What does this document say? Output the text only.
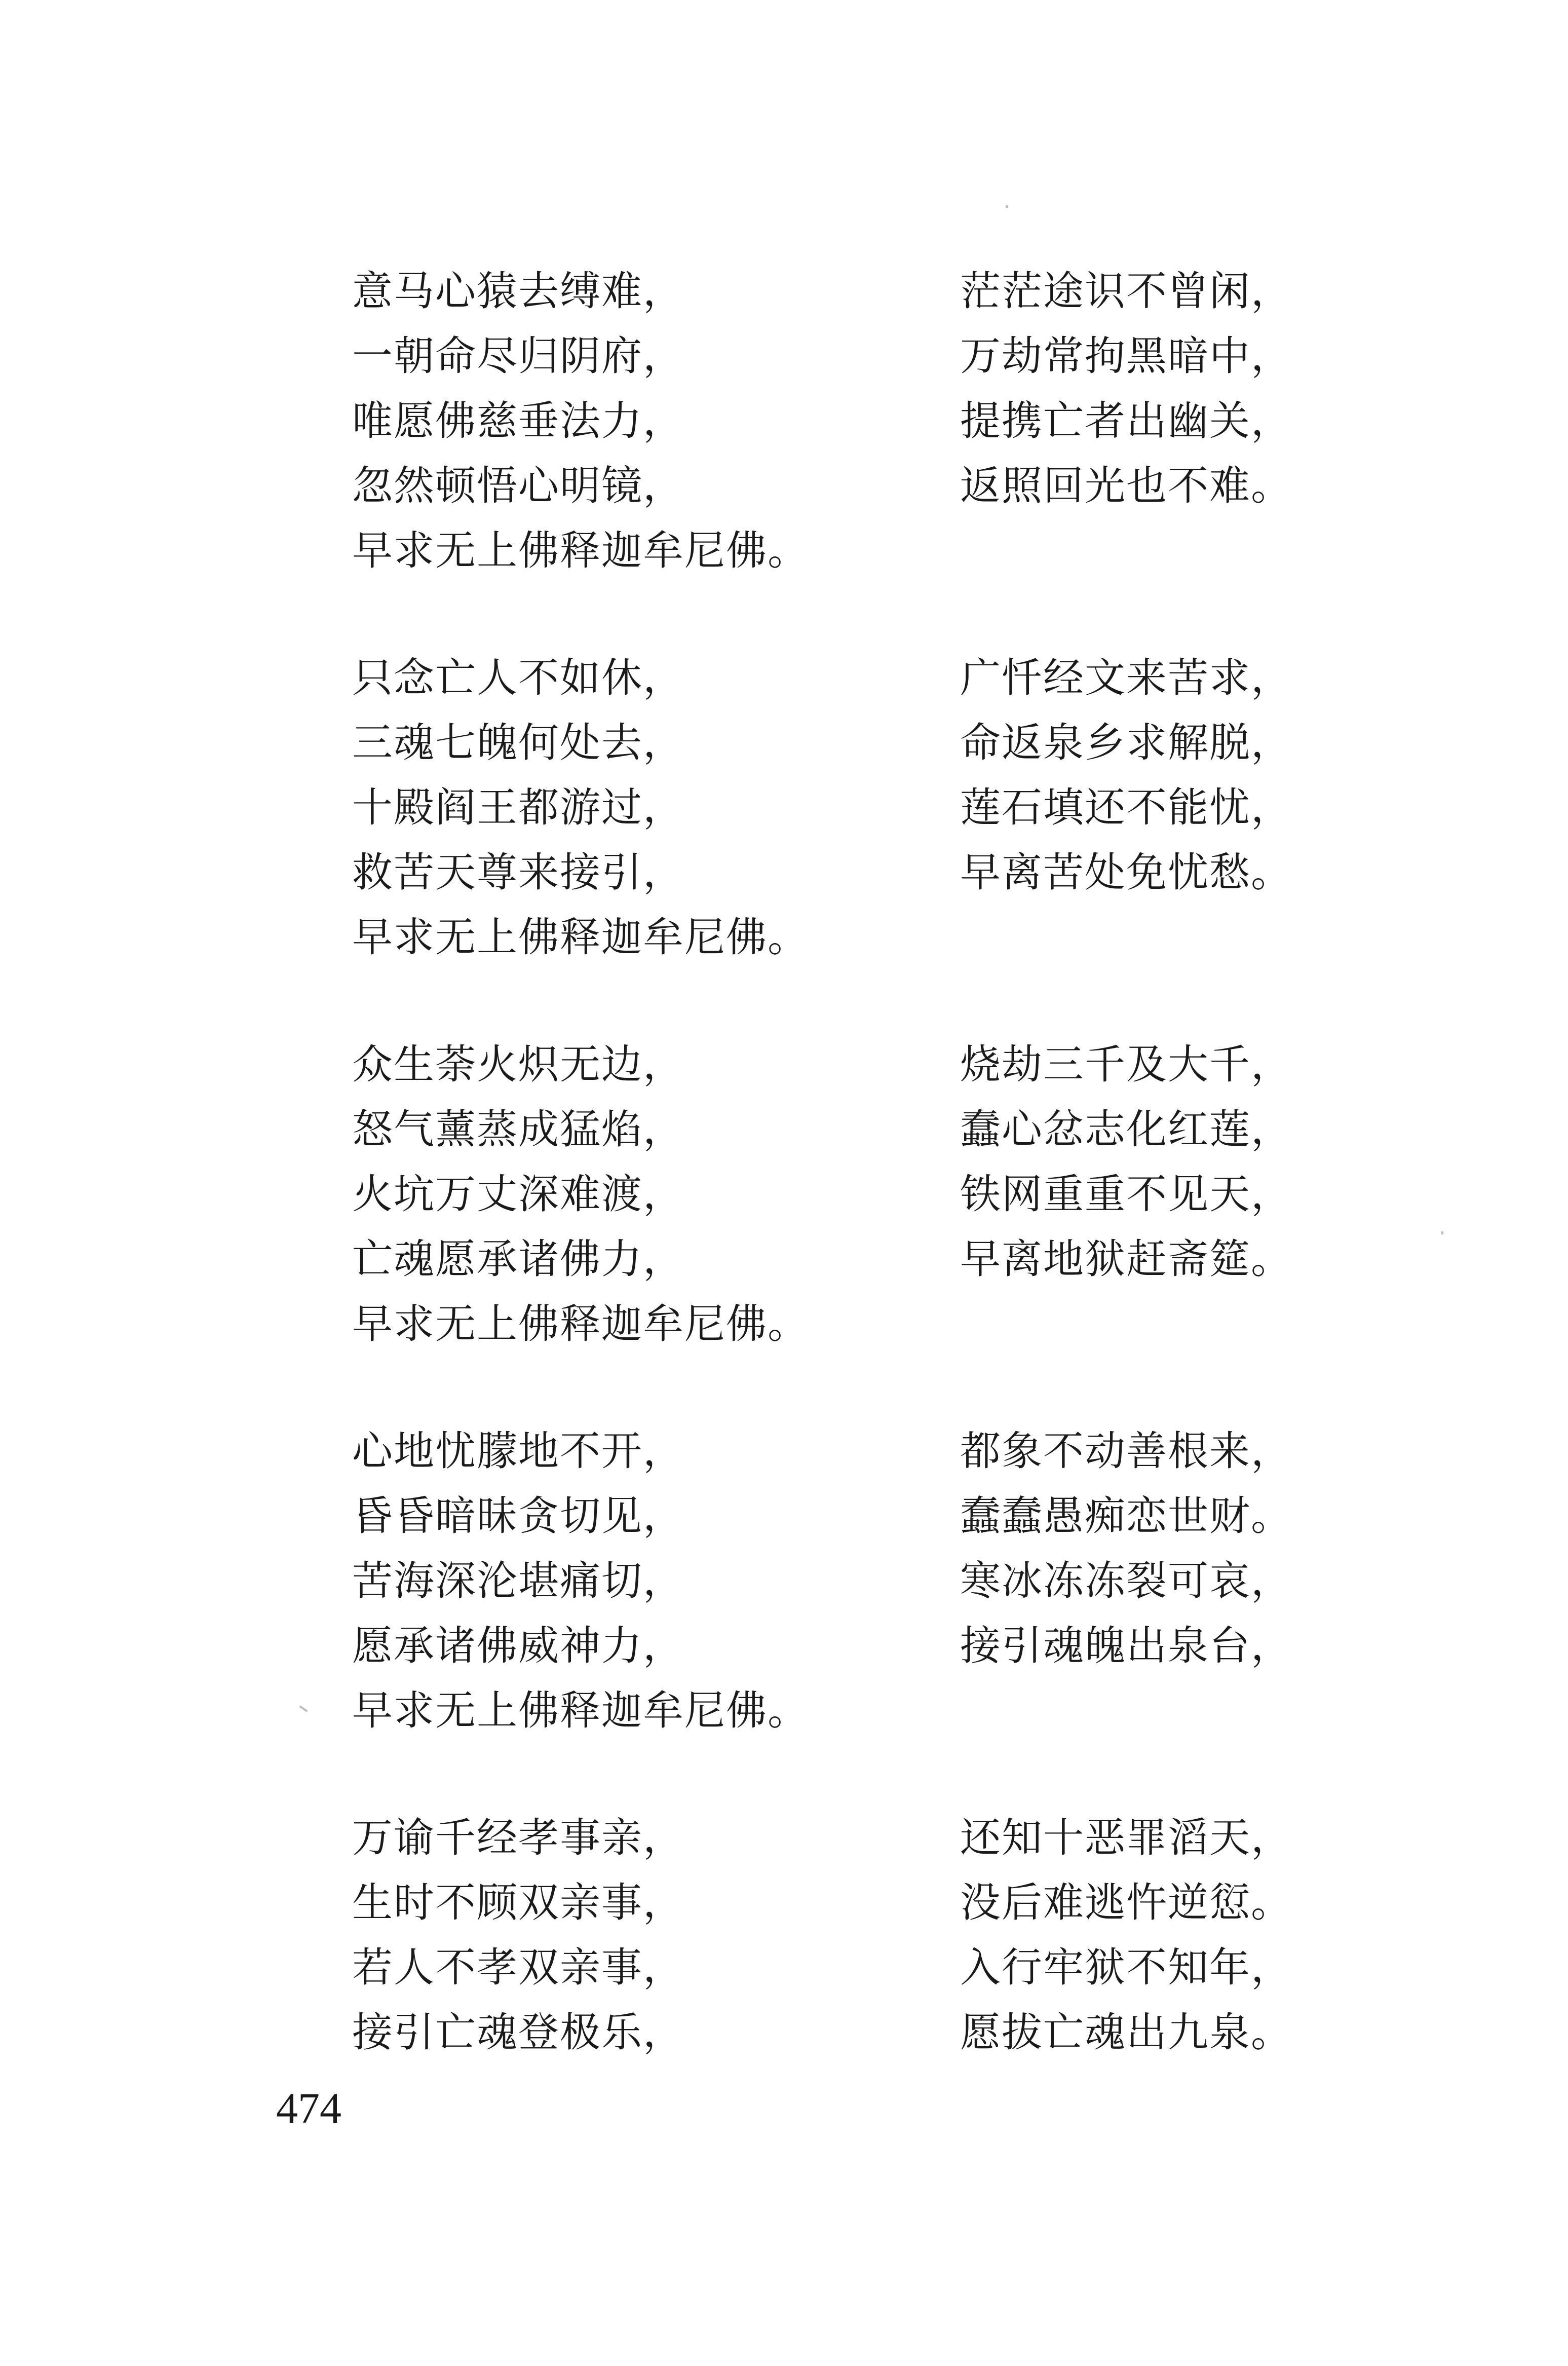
意马心猿去缚难，
一朝命尽归阴府，
唯愿佛慈垂法力，
忽然顿悟心明镜，
早求无上佛释迦牟尼佛。
茫茫途识不曾闲，
万劫常拘黑暗中，
提携亡者出幽关，
返照回光也不难。
只念亡人不如休，
三魂七魄何处去，
十殿阎王都游过，
救苦天尊来接引，
早求无上佛释迦牟尼佛。
广忏经文来苦求，
命返泉乡求解脱，
莲石填还不能忧，
早离苦处免忧愁。
众生荼火炽无边，
怒气薰蒸成猛焰，
火坑万丈深难渡，
亡魂愿承诸佛力，
早求无上佛释迦牟尼佛。
烧劫三千及大千，
蠢心忿志化红莲，
铁网重重不见天，
早离地狱赶斋筵。
心地忧朦地不开，
昏昏暗昧贪切见，
苦海深沦堪痛切，
愿承诸佛威神力，
早求无上佛释迦牟尼佛。
都象不动善根来，
蠢蠢愚痴恋世财。
寒冰冻冻裂可哀，
接引魂魄出泉台，
万谕千经孝事亲，
生时不顾双亲事，
若人不孝双亲事，
接引亡魂登极乐，
还知十恶罪滔天，
没后难逃忤逆愆。
入行牢狱不知年，
愿拔亡魂出九泉。
474
